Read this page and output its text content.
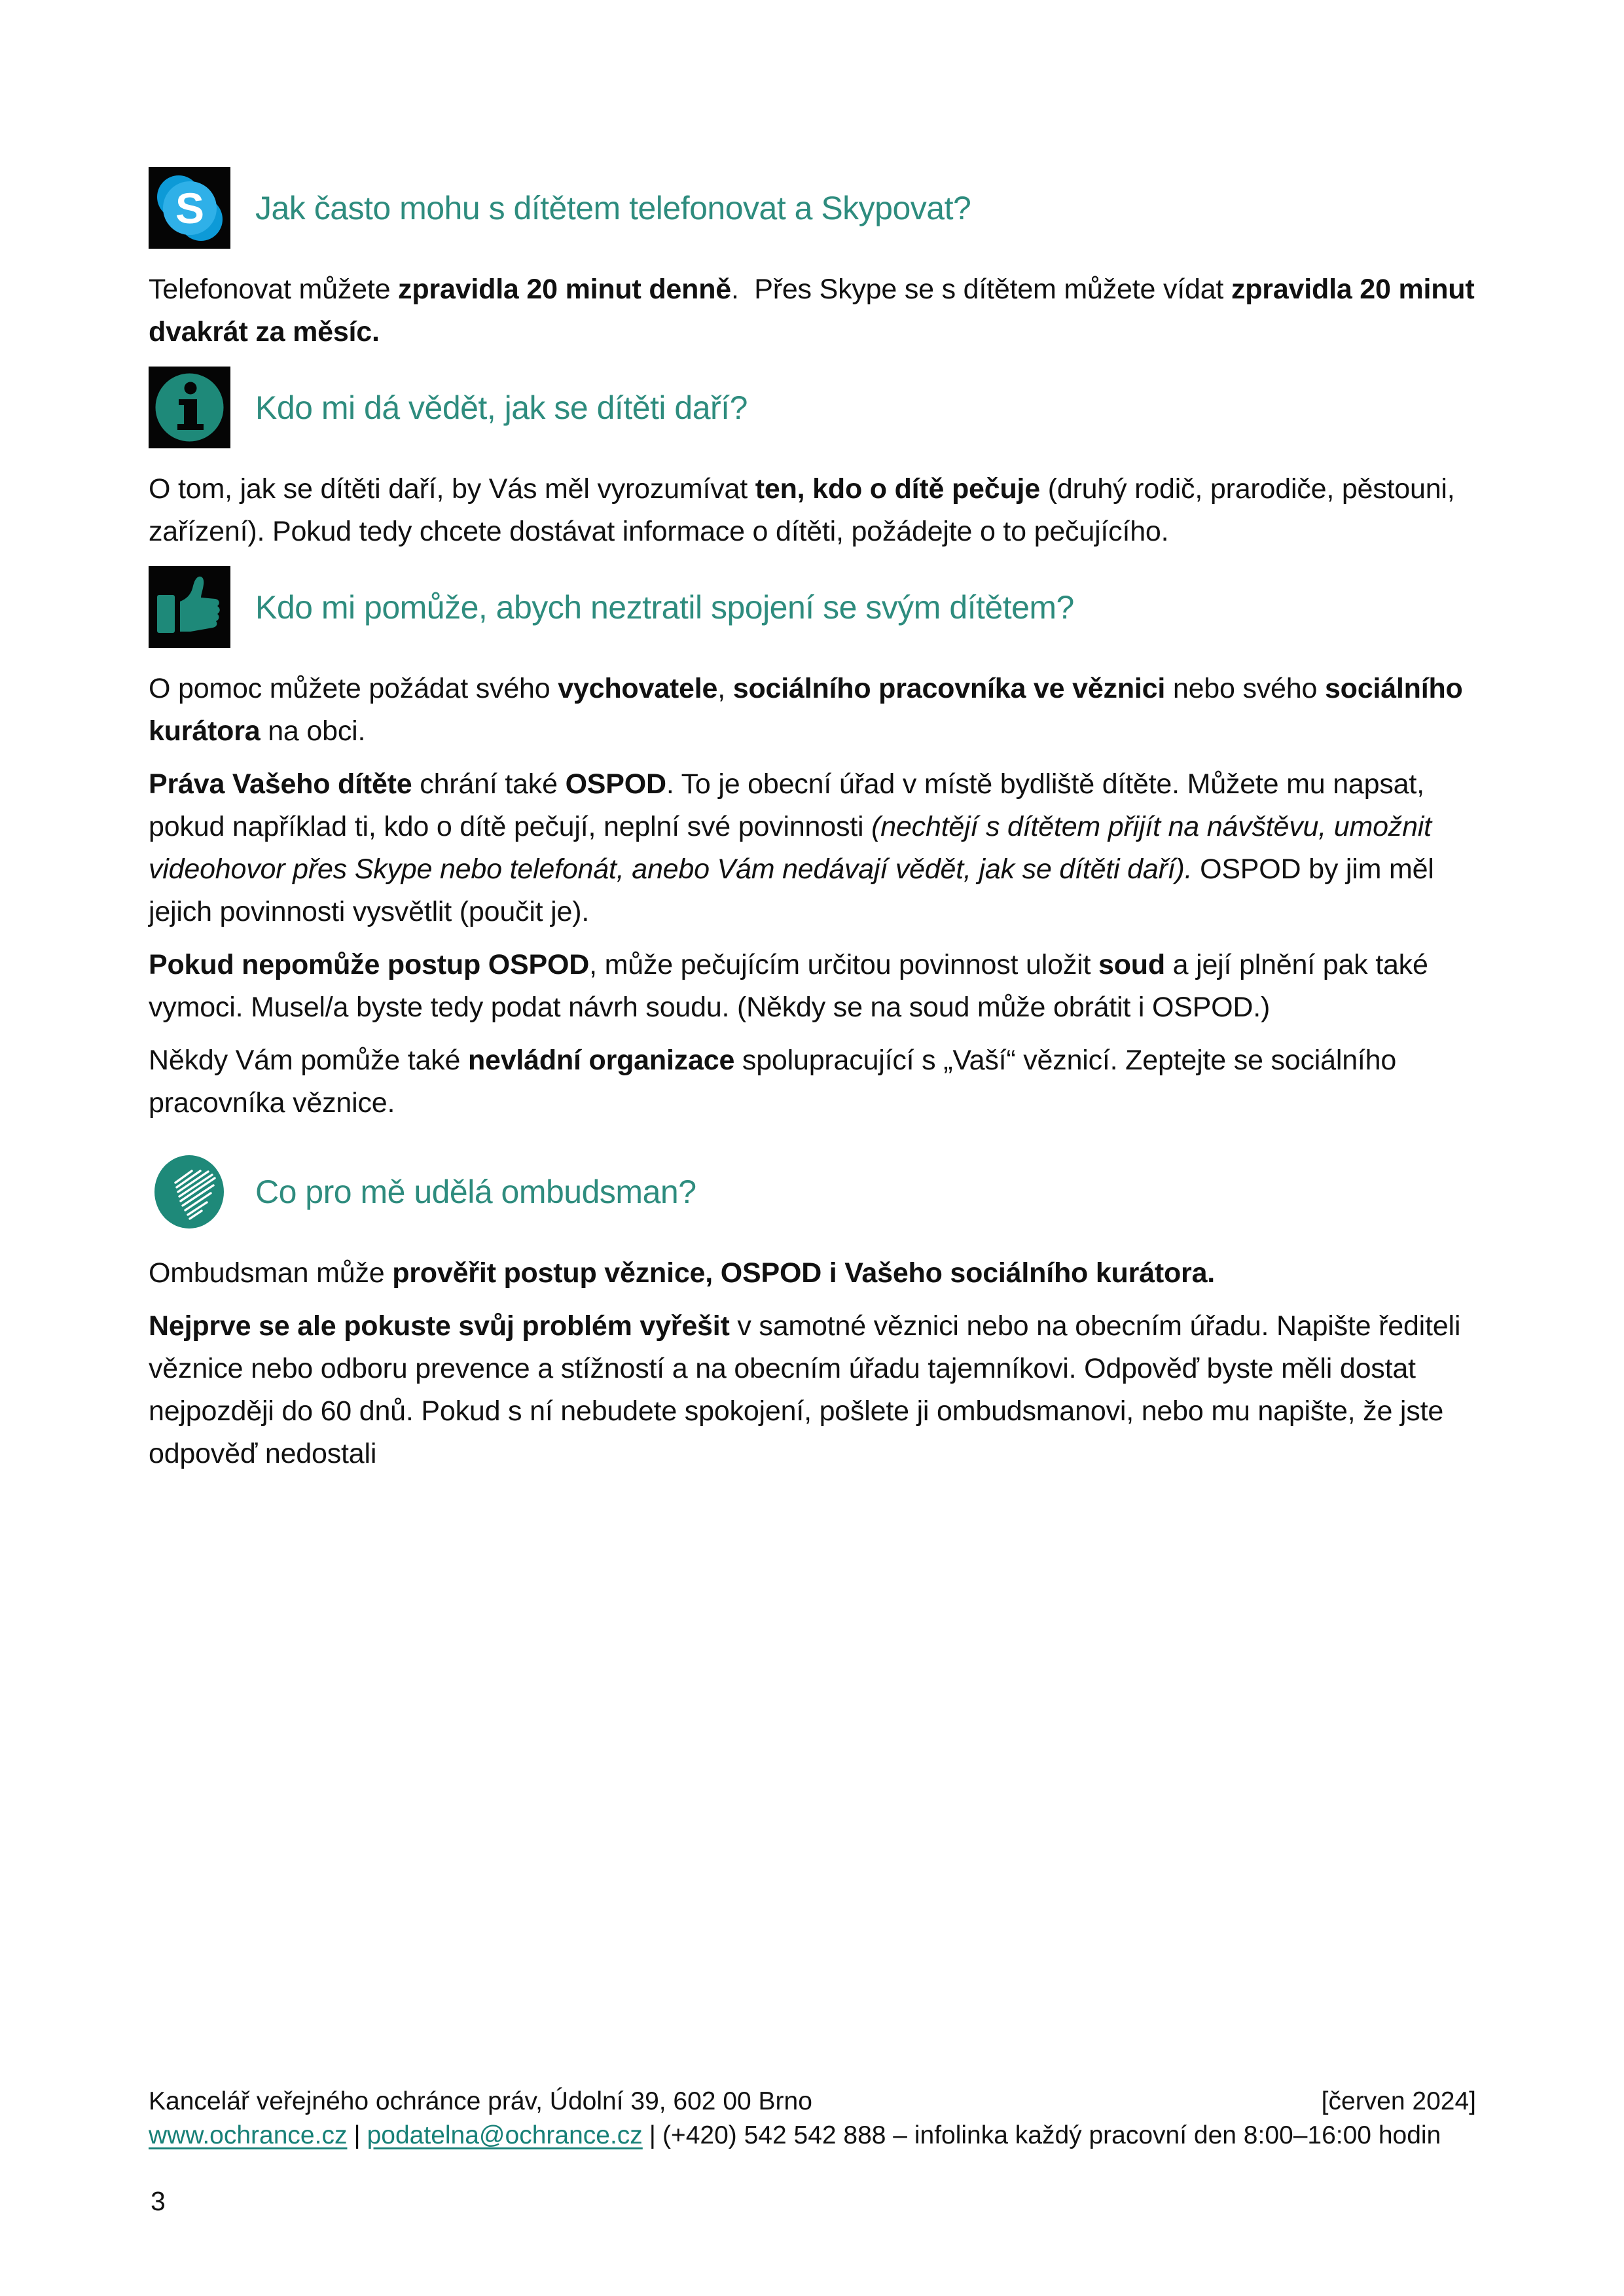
S Jak často mohu s dítětem telefonovat a Skypovat?

Telefonovat můžete zpravidla 20 minut denně.  Přes Skype se s dítětem můžete vídat zpravidla 20 minut dvakrát za měsíc.

Kdo mi dá vědět, jak se dítěti daří?

O tom, jak se dítěti daří, by Vás měl vyrozumívat ten, kdo o dítě pečuje (druhý rodič, prarodiče, pěstouni, zařízení). Pokud tedy chcete dostávat informace o dítěti, požádejte o to pečujícího.

Kdo mi pomůže, abych neztratil spojení se svým dítětem?

O pomoc můžete požádat svého vychovatele, sociálního pracovníka ve věznici nebo svého sociálního kurátora na obci.

Práva Vašeho dítěte chrání také OSPOD. To je obecní úřad v místě bydliště dítěte. Můžete mu napsat, pokud například ti, kdo o dítě pečují, neplní své povinnosti (nechtějí s dítětem přijít na návštěvu, umožnit videohovor přes Skype nebo telefonát, anebo Vám nedávají vědět, jak se dítěti daří). OSPOD by jim měl jejich povinnosti vysvětlit (poučit je).

Pokud nepomůže postup OSPOD, může pečujícím určitou povinnost uložit soud a její plnění pak také vymoci. Musel/a byste tedy podat návrh soudu. (Někdy se na soud může obrátit i OSPOD.)

Někdy Vám pomůže také nevládní organizace spolupracující s „Vaší“ věznicí. Zeptejte se sociálního pracovníka věznice.

Co pro mě udělá ombudsman?

Ombudsman může prověřit postup věznice, OSPOD i Vašeho sociálního kurátora.

Nejprve se ale pokuste svůj problém vyřešit v samotné věznici nebo na obecním úřadu. Napište řediteli věznice nebo odboru prevence a stížností a na obecním úřadu tajemníkovi. Odpověď byste měli dostat nejpozději do 60 dnů. Pokud s ní nebudete spokojení, pošlete ji ombudsmanovi, nebo mu napište, že jste odpověď nedostali

Kancelář veřejného ochránce práv, Údolní 39, 602 00 Brno	[červen 2024]
www.ochrance.cz | podatelna@ochrance.cz | (+420) 542 542 888 – infolinka každý pracovní den 8:00–16:00 hodin
3
